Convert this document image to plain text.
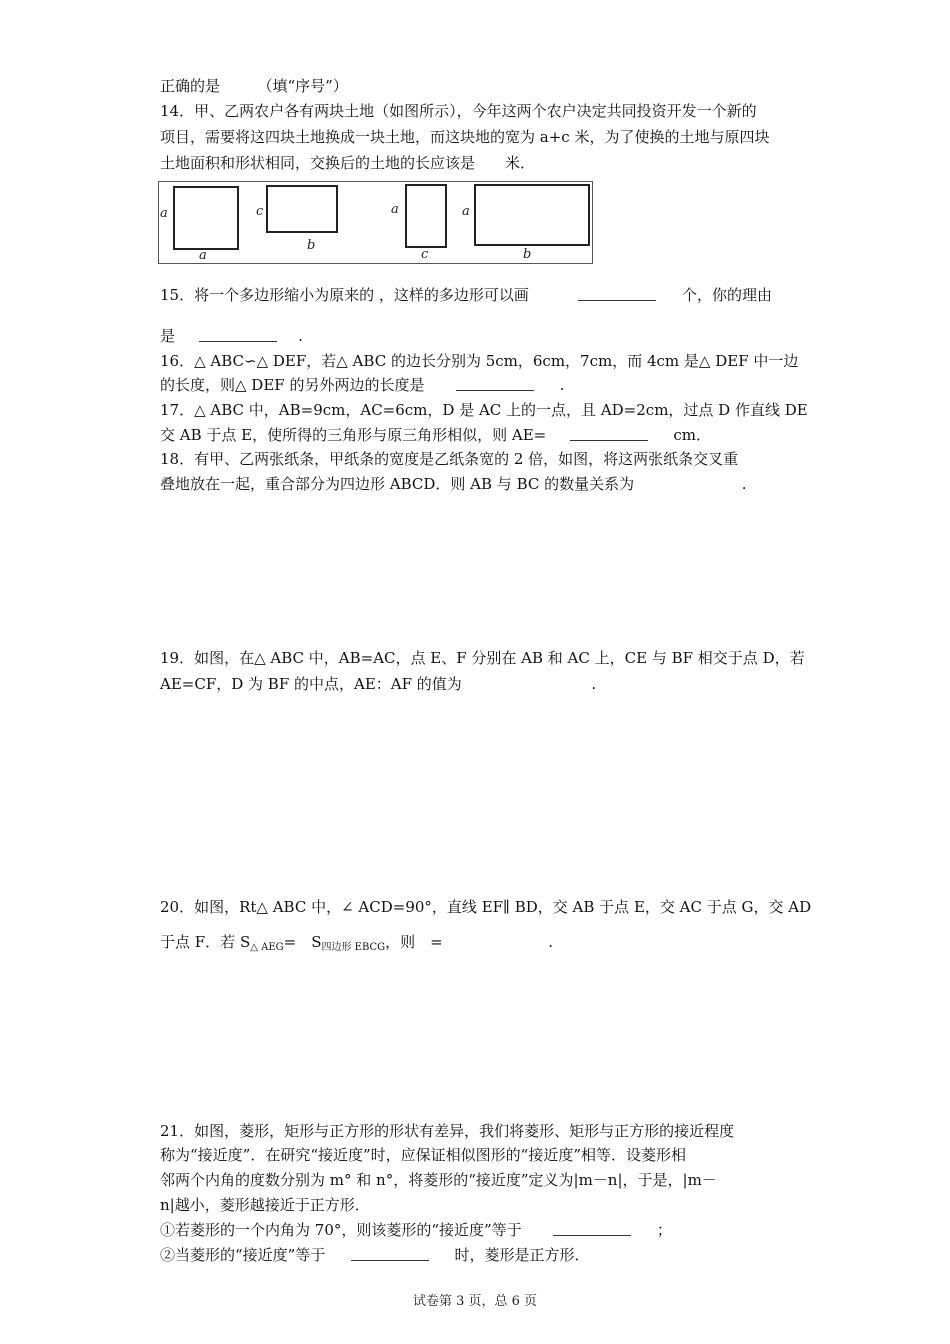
正确的是　　　（填“序号”）
14．甲、乙两农户各有两块土地（如图所示），今年这两个农户决定共同投资开发一个新的
项目，需要将这四块土地换成一块土地，而这块地的宽为 a+c 米，为了使换的土地与原四块
土地面积和形状相同，交换后的土地的长应该是　　米．
a
a
c
b
a
c
a
b
15．将一个多边形缩小为原来的 ，这样的多边形可以画	个，你的理由
是	.
16．△ ABC∽△ DEF，若△ ABC 的边长分别为 5cm，6cm，7cm，而 4cm 是△ DEF 中一边
的长度，则△ DEF 的另外两边的长度是	.
17．△ ABC 中，AB=9cm，AC=6cm，D 是 AC 上的一点，且 AD=2cm，过点 D 作直线 DE
交 AB 于点 E，使所得的三角形与原三角形相似，则 AE=	cm．
18．有甲、乙两张纸条，甲纸条的宽度是乙纸条宽的 2 倍，如图，将这两张纸条交叉重
叠地放在一起，重合部分为四边形 ABCD．则 AB 与 BC 的数量关系为	.
19．如图，在△ ABC 中，AB=AC，点 E、F 分别在 AB 和 AC 上，CE 与 BF 相交于点 D，若
AE=CF，D 为 BF 的中点，AE：AF 的值为	.
20．如图，Rt△ ABC 中，∠ ACD=90°，直线 EF∥ BD，交 AB 于点 E，交 AC 于点 G，交 AD
于点 F．若 $S_{\triangle AEG}=$　$S_{四边形 EBCG}$，则　=	.
21．如图，菱形，矩形与正方形的形状有差异，我们将菱形、矩形与正方形的接近程度
称为“接近度”．在研究“接近度”时，应保证相似图形的“接近度”相等．设菱形相
邻两个内角的度数分别为 m° 和 n°，将菱形的“接近度”定义为|m－n|，于是，|m－
n|越小，菱形越接近于正方形．
①若菱形的一个内角为 70°，则该菱形的“接近度”等于	；
②当菱形的“接近度”等于	时，菱形是正方形．
试卷第 3 页，总 6 页
